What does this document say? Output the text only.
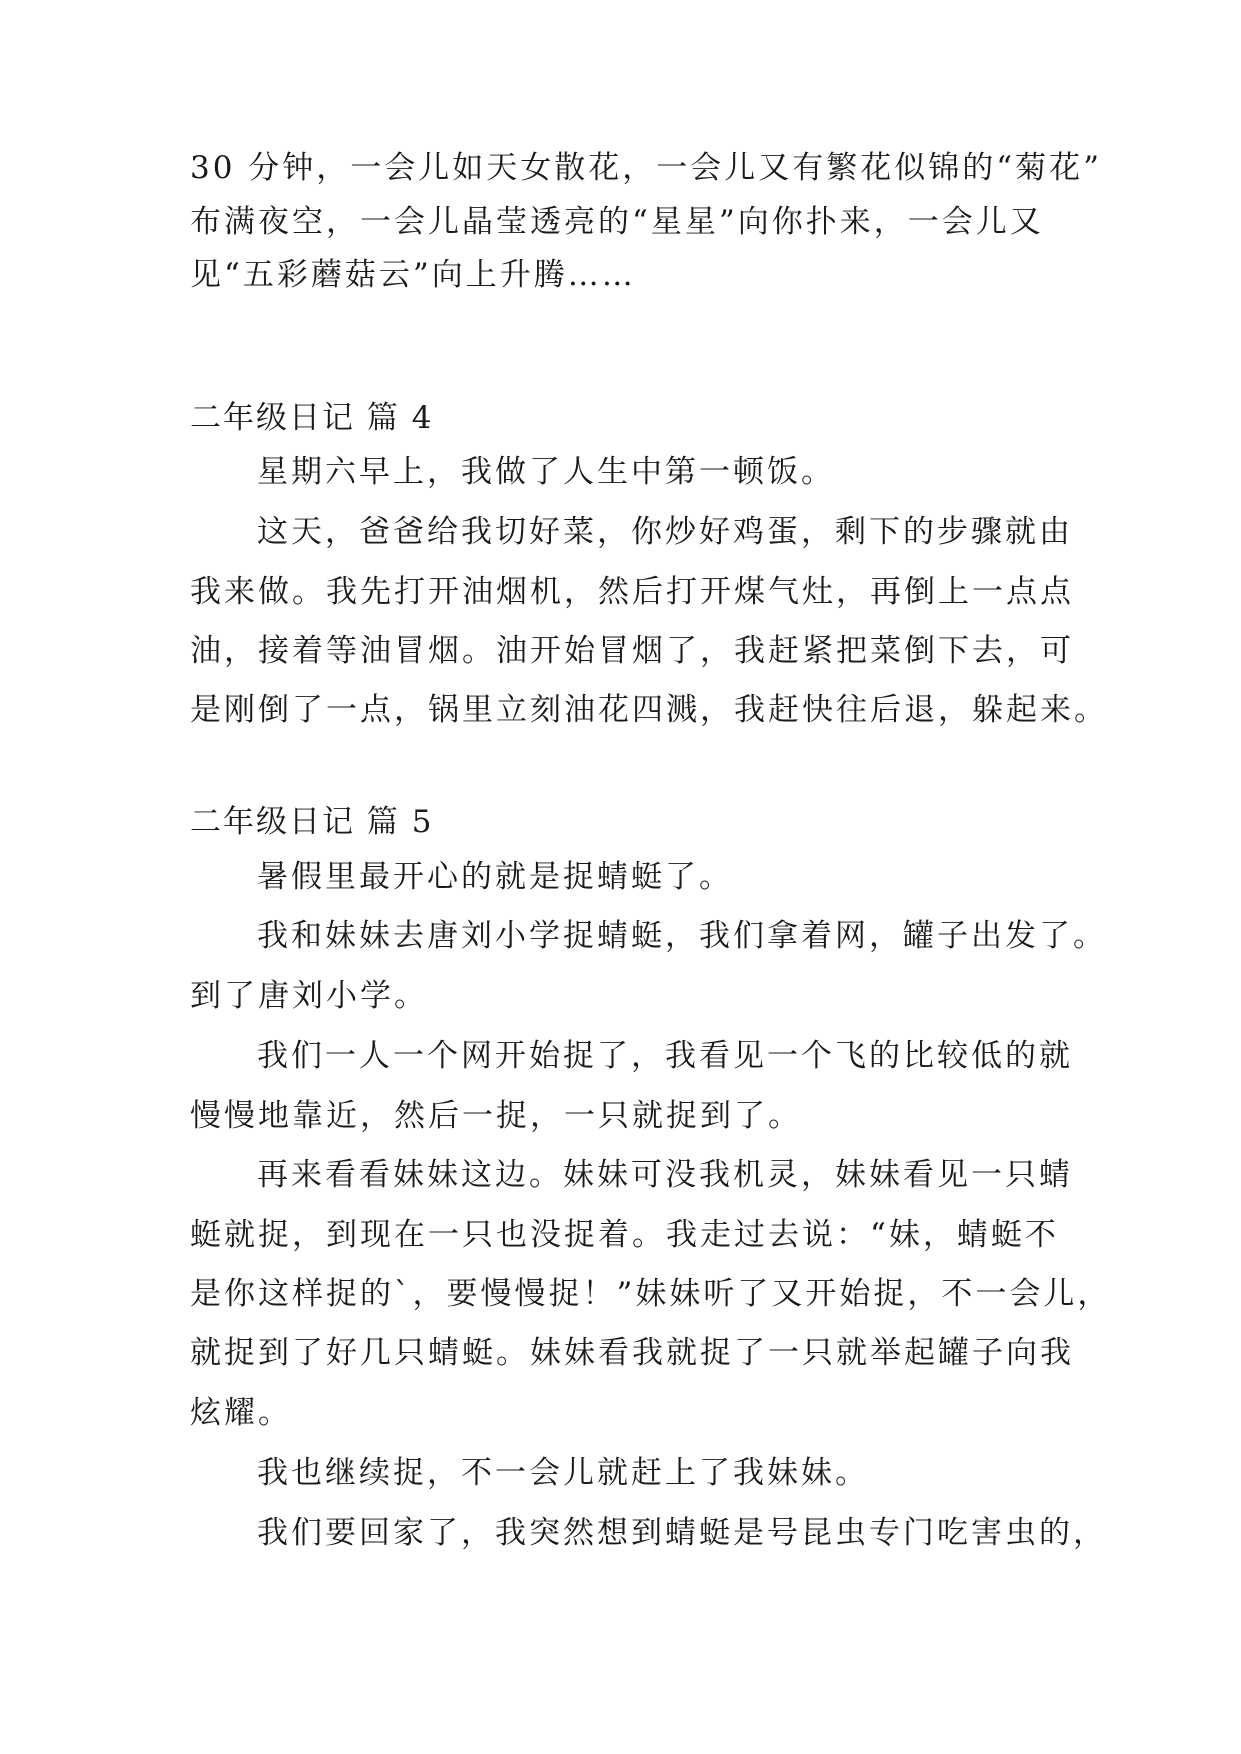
30 分钟，一会儿如天女散花，一会儿又有繁花似锦的“菊花”
布满夜空，一会儿晶莹透亮的“星星”向你扑来，一会儿又
见“五彩蘑菇云”向上升腾……
二年级日记 篇 4
星期六早上，我做了人生中第一顿饭。
这天，爸爸给我切好菜，你炒好鸡蛋，剩下的步骤就由
我来做。我先打开油烟机，然后打开煤气灶，再倒上一点点
油，接着等油冒烟。油开始冒烟了，我赶紧把菜倒下去，可
是刚倒了一点，锅里立刻油花四溅，我赶快往后退，躲起来。
二年级日记 篇 5
暑假里最开心的就是捉蜻蜓了。
我和妹妹去唐刘小学捉蜻蜓，我们拿着网，罐子出发了。
到了唐刘小学。
我们一人一个网开始捉了，我看见一个飞的比较低的就
慢慢地靠近，然后一捉，一只就捉到了。
再来看看妹妹这边。妹妹可没我机灵，妹妹看见一只蜻
蜓就捉，到现在一只也没捉着。我走过去说：“妹，蜻蜓不
是你这样捉的`，要慢慢捉！”妹妹听了又开始捉，不一会儿，
就捉到了好几只蜻蜓。妹妹看我就捉了一只就举起罐子向我
炫耀。
我也继续捉，不一会儿就赶上了我妹妹。
我们要回家了，我突然想到蜻蜓是号昆虫专门吃害虫的，
